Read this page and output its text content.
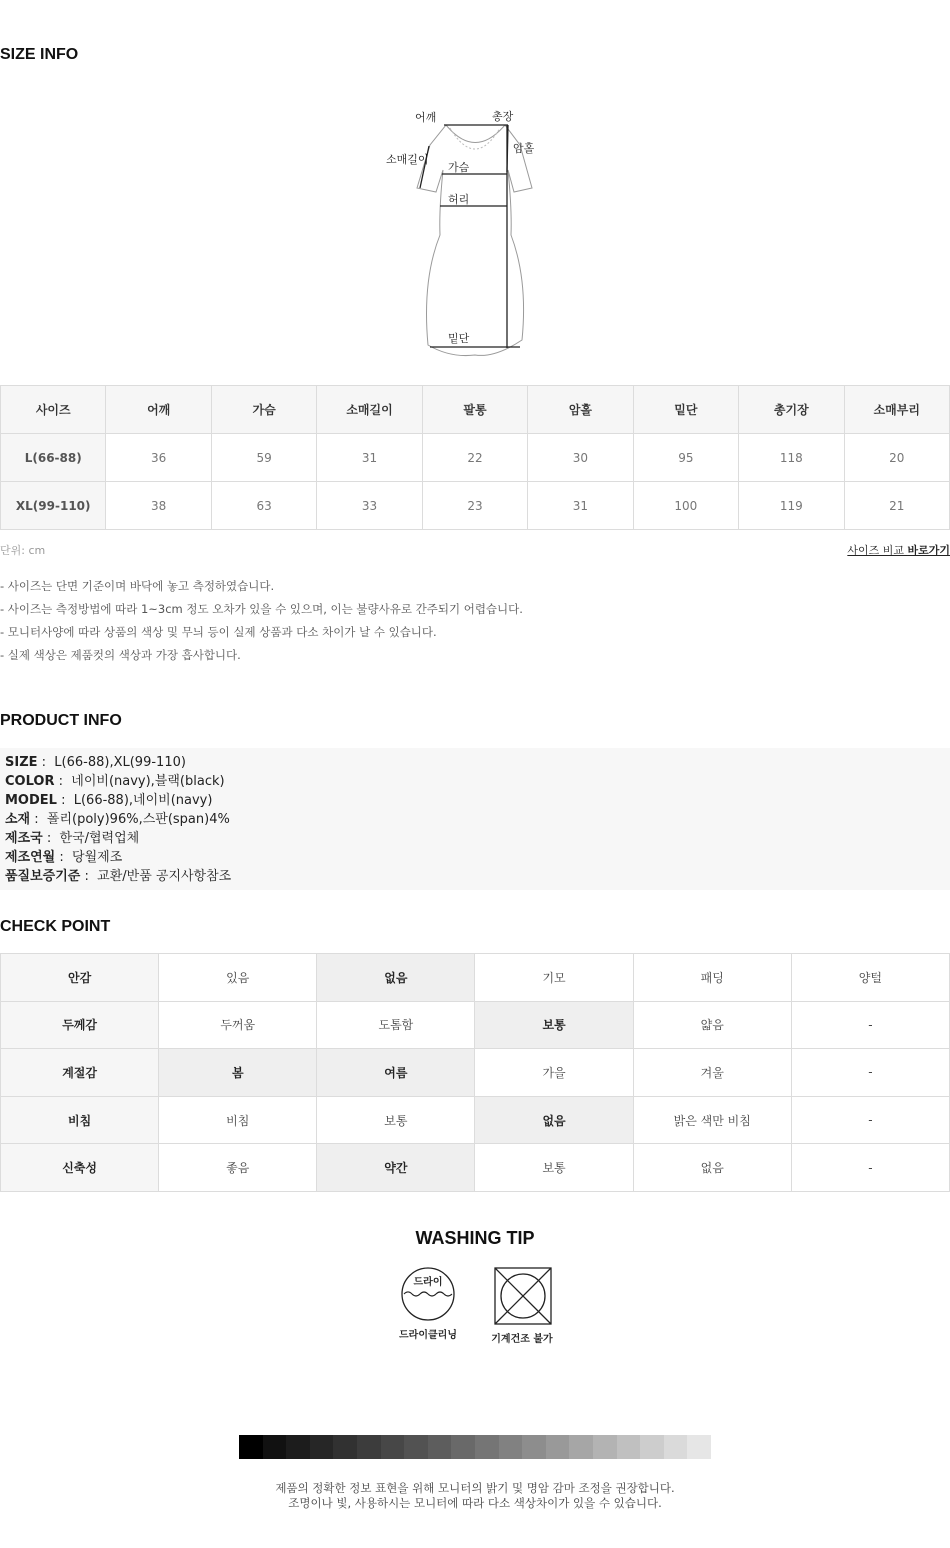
SIZE INFO
어깨	총장
암홀
소매길이
가슴
허리
밑단
사이즈	어깨	가슴	소매길이	팔통	암홀	밑단	총기장	소매부리
L(66-88)	36	59	31	22	30	95	118	20
XL(99-110)	38	63	33	23	31	100	119	21
단위: cm	사이즈 비교 바로가기
- 사이즈는 단면 기준이며 바닥에 놓고 측정하였습니다.
- 사이즈는 측정방법에 따라 1~3cm 정도 오차가 있을 수 있으며, 이는 불량사유로 간주되기 어렵습니다.
- 모니터사양에 따라 상품의 색상 및 무늬 등이 실제 상품과 다소 차이가 날 수 있습니다.
- 실제 색상은 제품컷의 색상과 가장 흡사합니다.
PRODUCT INFO
SIZE :  L(66-88),XL(99-110)
COLOR :  네이비(navy),블랙(black)
MODEL :  L(66-88),네이비(navy)
소재 :  폴리(poly)96%,스판(span)4%
제조국 :  한국/협력업체
제조연월 :  당월제조
품질보증기준 :  교환/반품 공지사항참조
CHECK POINT
안감	있음	없음	기모	패딩	양털
두께감	두꺼움	도톰함	보통	얇음	-
계절감	봄	여름	가을	겨울	-
비침	비침	보통	없음	밝은 색만 비침	-
신축성	좋음	약간	보통	없음	-
WASHING TIP
드라이
드라이클리닝	기계건조 불가
제품의 정확한 정보 표현을 위해 모니터의 밝기 및 명암 감마 조정을 권장합니다.
조명이나 빛, 사용하시는 모니터에 따라 다소 색상차이가 있을 수 있습니다.
